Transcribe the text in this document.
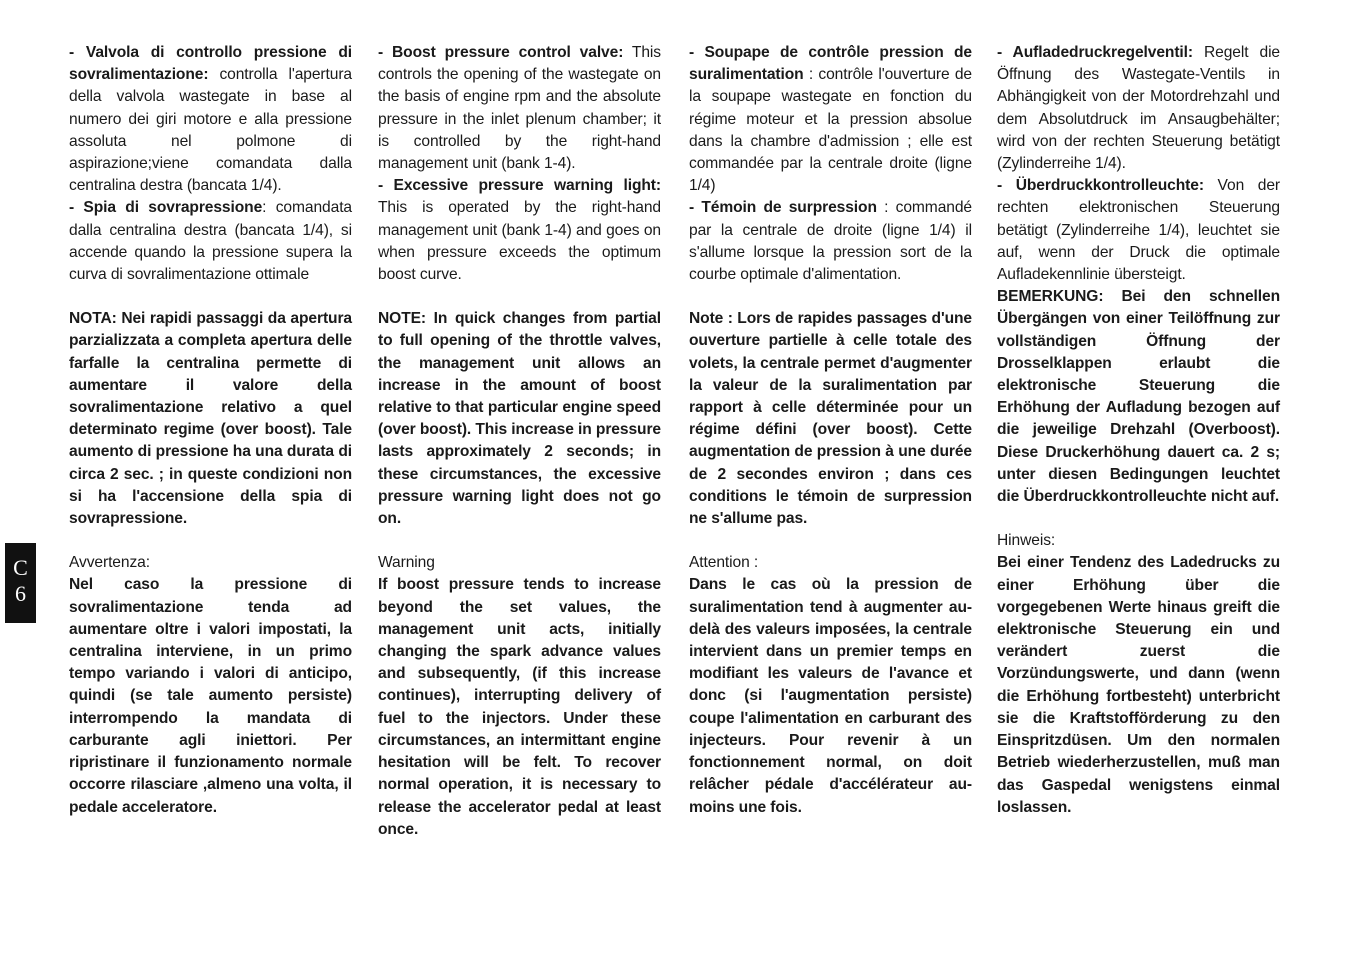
C
6

- Valvola di controllo pressione di sovralimentazione: controlla l'apertura della valvola wastegate in base al numero dei giri motore e alla pressione assoluta nel polmone di aspirazione;viene comandata dalla centralina destra (bancata 1/4).

- Spia di sovrapressione: comandata dalla centralina destra (bancata 1/4), si accende quando la pressione supera la curva di sovralimentazione ottimale

NOTA: Nei rapidi passaggi da apertura parzializzata a completa apertura delle farfalle la centralina permette di aumentare il valore della sovralimentazione relativo a quel determinato regime (over boost). Tale aumento di pressione ha una durata di circa 2 sec. ; in queste condizioni non si ha l'accensione della spia di sovrapressione.

Avvertenza:

Nel caso la pressione di sovralimentazione tenda ad aumentare oltre i valori impostati, la centralina interviene, in un primo tempo variando i valori di anticipo, quindi (se tale aumento persiste) interrompendo la mandata di carburante agli iniettori. Per ripristinare il funzionamento normale occorre rilasciare ,almeno una volta, il pedale acceleratore.

- Boost pressure control valve: This controls the opening of the wastegate on the basis of engine rpm and the absolute pressure in the inlet plenum chamber; it is controlled by the right-hand management unit (bank 1-4).

- Excessive pressure warning light: This is operated by the right-hand management unit (bank 1-4) and goes on when pressure exceeds the optimum boost curve.

NOTE: In quick changes from partial to full opening of the throttle valves, the management unit allows an increase in the amount of boost relative to that particular engine speed (over boost). This increase in pressure lasts approximately 2 seconds; in these circumstances, the excessive pressure warning light does not go on.

Warning

If boost pressure tends to increase beyond the set values, the management unit acts, initially changing the spark advance values and subsequently, (if this increase continues), interrupting delivery of fuel to the injectors. Under these circumstances, an intermittant engine hesitation will be felt. To recover normal operation, it is necessary to release the accelerator pedal at least once.

- Soupape de contrôle pression de suralimentation : contrôle l'ouverture de la soupape wastegate en fonction du régime moteur et la pression absolue dans la chambre d'admission ; elle est commandée par la centrale droite (ligne 1/4)

- Témoin de surpression : commandé par la centrale de droite (ligne 1/4) il s'allume lorsque la pression sort de la courbe optimale d'alimentation.

Note : Lors de rapides passages d'une ouverture partielle à celle totale des volets, la centrale permet d'augmenter la valeur de la suralimentation par rapport à celle déterminée pour un régime défini (over boost). Cette augmentation de pression à une durée de 2 secondes environ ; dans ces conditions le témoin de surpression ne s'allume pas.

Attention :

Dans le cas où la pression de suralimentation tend à augmenter au-delà des valeurs imposées, la centrale intervient dans un premier temps en modifiant les valeurs de l'avance et donc (si l'augmentation persiste) coupe l'alimentation en carburant des injecteurs. Pour revenir à un fonctionnement normal, on doit relâcher pédale d'accélérateur au-moins une fois.

- Aufladedruckregelventil: Regelt die Öffnung des Wastegate-Ventils in Abhängigkeit von der Motordrehzahl und dem Absolutdruck im Ansaugbehälter; wird von der rechten Steuerung betätigt (Zylinderreihe 1/4).

- Überdruckkontrolleuchte: Von der rechten elektronischen Steuerung betätigt (Zylinderreihe 1/4), leuchtet sie auf, wenn der Druck die optimale Aufladekennlinie übersteigt.

BEMERKUNG: Bei den schnellen Übergängen von einer Teilöffnung zur vollständigen Öffnung der Drosselklappen erlaubt die elektronische Steuerung die Erhöhung der Aufladung bezogen auf die jeweilige Drehzahl (Overboost). Diese Druckerhöhung dauert ca. 2 s; unter diesen Bedingungen leuchtet die Überdruckkontrolleuchte nicht auf.

Hinweis:

Bei einer Tendenz des Ladedrucks zu einer Erhöhung über die vorgegebenen Werte hinaus greift die elektronische Steuerung ein und verändert zuerst die Vorzündungswerte, und dann (wenn die Erhöhung fortbesteht) unterbricht sie die Kraftstofförderung zu den Einspritzdüsen. Um den normalen Betrieb wiederherzustellen, muß man das Gaspedal wenigstens einmal loslassen.
